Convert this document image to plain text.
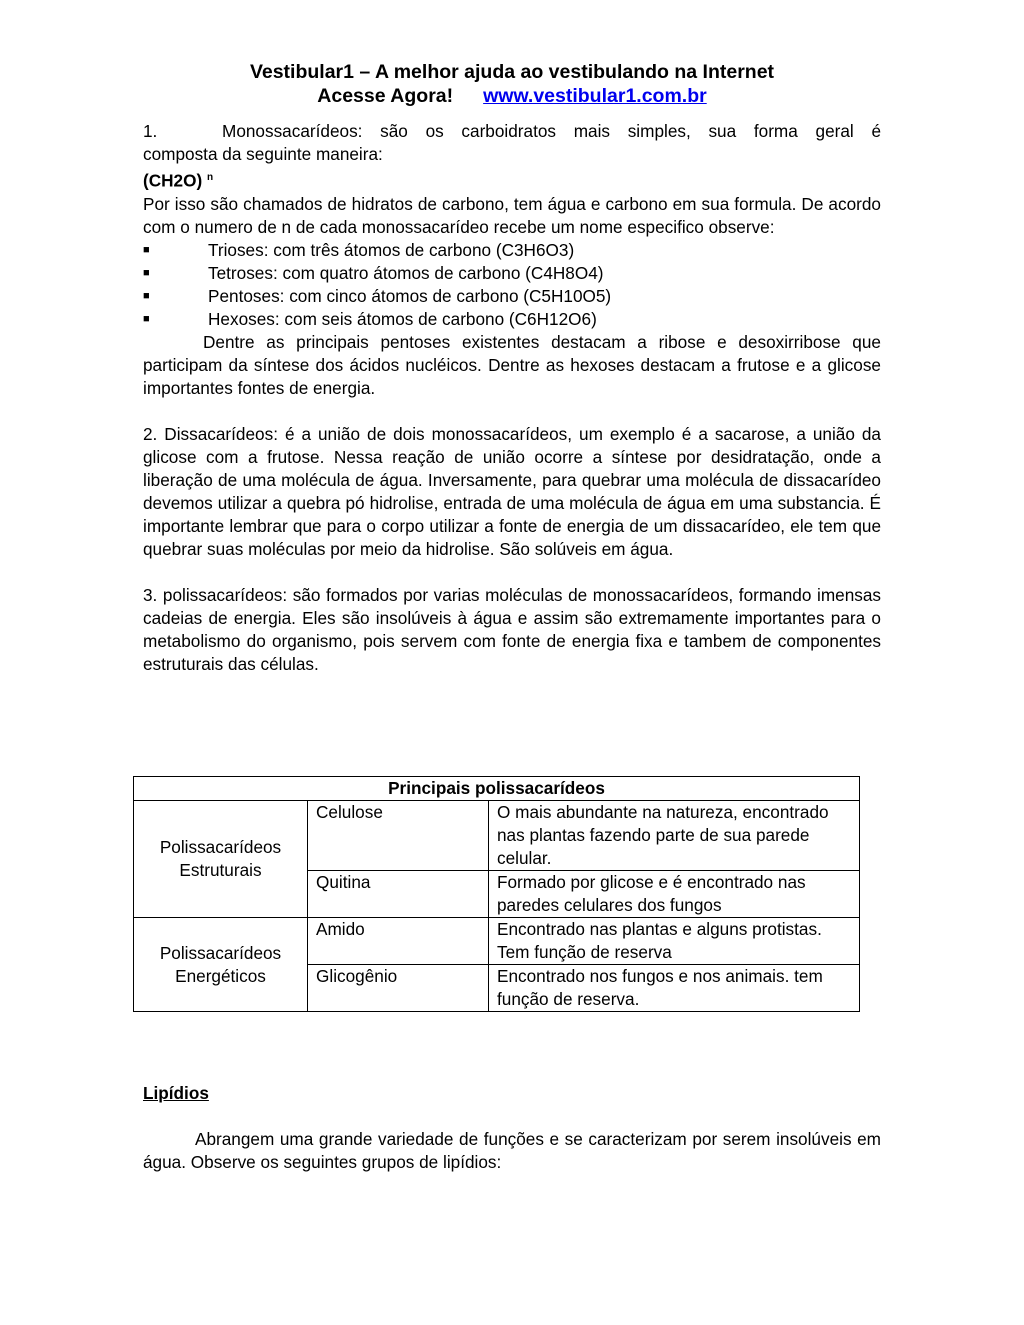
Vestibular1 – A melhor ajuda ao vestibulando na Internet
Acesse Agora! www.vestibular1.com.br

1.	Monossacarídeos: são os carboidratos mais simples, sua forma geral é

composta da seguinte maneira:

(CH2O) $^n$

Por isso são chamados de hidratos de carbono, tem água e carbono em sua formula. De acordo com o numero de n de cada monossacarídeo recebe um nome especifico observe:

■	Trioses: com três átomos de carbono (C3H6O3)
■	Tetroses: com quatro átomos de carbono (C4H8O4)
■	Pentoses: com cinco átomos de carbono (C5H10O5)
■	Hexoses: com seis átomos de carbono (C6H12O6)

Dentre as principais pentoses existentes destacam a ribose e desoxirribose que participam da síntese dos ácidos nucléicos. Dentre as hexoses destacam a frutose e a glicose importantes fontes de energia.

2. Dissacarídeos: é a união de dois monossacarídeos, um exemplo é a sacarose, a união da glicose com a frutose. Nessa reação de união ocorre a síntese por desidratação, onde a liberação de uma molécula de água. Inversamente, para quebrar uma molécula de dissacarídeo devemos utilizar a quebra pó hidrolise, entrada de uma molécula de água em uma substancia. É importante lembrar que para o corpo utilizar a fonte de energia de um dissacarídeo, ele tem que quebrar suas moléculas por meio da hidrolise. São solúveis em água.

3. polissacarídeos: são formados por varias moléculas de monossacarídeos, formando imensas cadeias de energia. Eles são insolúveis à água e assim são extremamente importantes para o metabolismo do organismo, pois servem com fonte de energia fixa e tambem de componentes estruturais das células.

Principais polissacarídeos		
Polissacarídeos Estruturais	Celulose	O mais abundante na natureza, encontrado nas plantas fazendo parte de sua parede celular.
	Quitina	Formado por glicose e é encontrado nas paredes celulares dos fungos
Polissacarídeos Energéticos	Amido	Encontrado nas plantas e alguns protistas. Tem função de reserva
	Glicogênio	Encontrado nos fungos e nos animais. tem função de reserva.
Lipídios

Abrangem uma grande variedade de funções e se caracterizam por serem insolúveis em água. Observe os seguintes grupos de lipídios:
